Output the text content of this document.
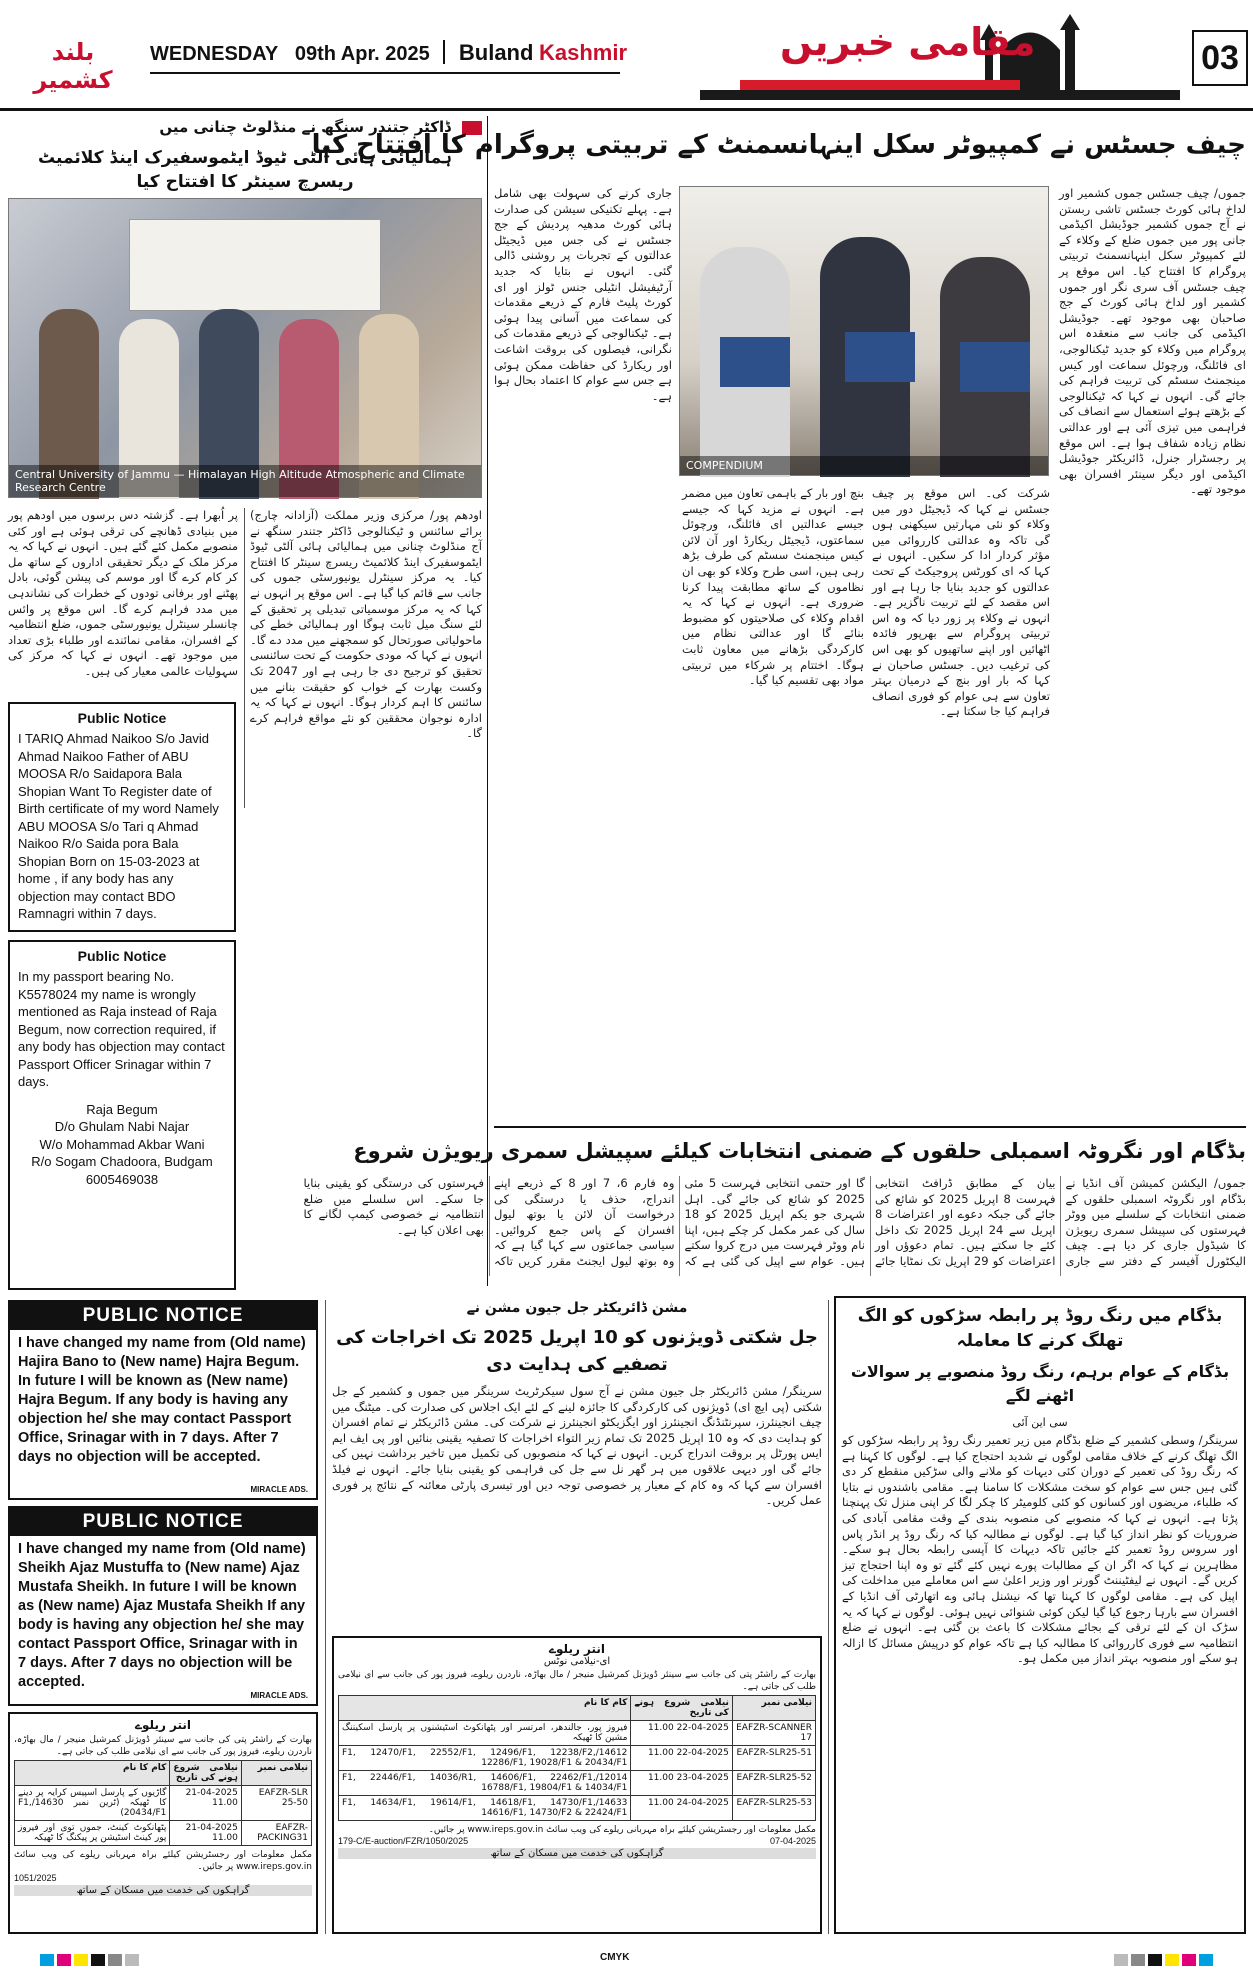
بلند کشمیر
WEDNESDAY 09th Apr. 2025 Buland Kashmir	مقامی خبریں	03
ڈاکٹر جتندر سنگھ نے منڈلوٹ چنانی میں
ہمالیائی ہائی آلٹی ٹیوڈ ایٹموسفیرک اینڈ کلائمیٹ ریسرچ سینٹر کا افتتاح کیا
Central University of Jammu — Himalayan High Altitude Atmospheric and Climate Research Centre
اودھم پور/ مرکزی وزیر مملکت (آزادانہ چارج) برائے سائنس و ٹیکنالوجی ڈاکٹر جتندر سنگھ نے آج منڈلوٹ چنانی میں ہمالیائی ہائی آلٹی ٹیوڈ ایٹموسفیرک اینڈ کلائمیٹ ریسرچ سینٹر کا افتتاح کیا۔ یہ مرکز سینٹرل یونیورسٹی جموں کی جانب سے قائم کیا گیا ہے۔ اس موقع پر انہوں نے کہا کہ یہ مرکز موسمیاتی تبدیلی پر تحقیق کے لئے سنگ میل ثابت ہوگا اور ہمالیائی خطے کی ماحولیاتی صورتحال کو سمجھنے میں مدد دے گا۔ انہوں نے کہا کہ مودی حکومت کے تحت سائنسی تحقیق کو ترجیح دی جا رہی ہے اور 2047 تک وکست بھارت کے خواب کو حقیقت بنانے میں سائنس کا اہم کردار ہوگا۔ انہوں نے کہا کہ یہ ادارہ نوجوان محققین کو نئے مواقع فراہم کرے گا۔
پر اُبھرا ہے۔ گزشتہ دس برسوں میں اودھم پور میں بنیادی ڈھانچے کی ترقی ہوئی ہے اور کئی منصوبے مکمل کئے گئے ہیں۔ انہوں نے کہا کہ یہ مرکز ملک کے دیگر تحقیقی اداروں کے ساتھ مل کر کام کرے گا اور موسم کی پیشن گوئی، بادل پھٹنے اور برفانی تودوں کے خطرات کی نشاندہی میں مدد فراہم کرے گا۔ اس موقع پر وائس چانسلر سینٹرل یونیورسٹی جموں، ضلع انتظامیہ کے افسران، مقامی نمائندے اور طلباء بڑی تعداد میں موجود تھے۔ انہوں نے کہا کہ مرکز کی سہولیات عالمی معیار کی ہیں۔
Public Notice
I TARIQ Ahmad Naikoo S/o Javid Ahmad Naikoo Father of ABU MOOSA R/o Saidapora Bala Shopian Want To Register date of Birth certificate of my word Namely ABU MOOSA S/o Tari q Ahmad Naikoo R/o Saida pora Bala Shopian Born on 15-03-2023 at home , if any body has any objection may contact BDO Ramnagri within 7 days.
Public Notice
In my passport bearing No. K5578024 my name is wrongly mentioned as Raja instead of Raja Begum, now correction required, if any body has objection may contact Passport Officer Srinagar within 7 days.
Raja Begum
D/o Ghulam Nabi Najar
W/o Mohammad Akbar Wani
R/o Sogam Chadoora, Budgam
6005469038
چیف جسٹس نے کمپیوٹر سکل اینہانسمنٹ کے تربیتی پروگرام کا افتتاح کیا
COMPENDIUM
جموں/ چیف جسٹس جموں کشمیر اور لداخ ہائی کورٹ جسٹس تاشی ربستن نے آج جموں کشمیر جوڈیشل اکیڈمی جانی پور میں جموں ضلع کے وکلاء کے لئے کمپیوٹر سکل اینہانسمنٹ تربیتی پروگرام کا افتتاح کیا۔ اس موقع پر چیف جسٹس آف سری نگر اور جموں کشمیر اور لداخ ہائی کورٹ کے جج صاحبان بھی موجود تھے۔ جوڈیشل اکیڈمی کی جانب سے منعقدہ اس پروگرام میں وکلاء کو جدید ٹیکنالوجی، ای فائلنگ، ورچوئل سماعت اور کیس مینجمنٹ سسٹم کی تربیت فراہم کی جائے گی۔ انہوں نے کہا کہ ٹیکنالوجی کے بڑھتے ہوئے استعمال سے انصاف کی فراہمی میں تیزی آئی ہے اور عدالتی نظام زیادہ شفاف ہوا ہے۔ اس موقع پر رجسٹرار جنرل، ڈائریکٹر جوڈیشل اکیڈمی اور دیگر سینئر افسران بھی موجود تھے۔
جاری کرنے کی سہولت بھی شامل ہے۔ پہلے تکنیکی سیشن کی صدارت ہائی کورٹ مدھیہ پردیش کے جج جسٹس نے کی جس میں ڈیجیٹل عدالتوں کے تجربات پر روشنی ڈالی گئی۔ انہوں نے بتایا کہ جدید آرٹیفیشل انٹیلی جنس ٹولز اور ای کورٹ پلیٹ فارم کے ذریعے مقدمات کی سماعت میں آسانی پیدا ہوئی ہے۔ ٹیکنالوجی کے ذریعے مقدمات کی نگرانی، فیصلوں کی بروقت اشاعت اور ریکارڈ کی حفاظت ممکن ہوئی ہے جس سے عوام کا اعتماد بحال ہوا ہے۔
شرکت کی۔ اس موقع پر چیف جسٹس نے کہا کہ ڈیجیٹل دور میں وکلاء کو نئی مہارتیں سیکھنی ہوں گی تاکہ وہ عدالتی کارروائی میں مؤثر کردار ادا کر سکیں۔ انہوں نے کہا کہ ای کورٹس پروجیکٹ کے تحت عدالتوں کو جدید بنایا جا رہا ہے اور اس مقصد کے لئے تربیت ناگزیر ہے۔ انہوں نے وکلاء پر زور دیا کہ وہ اس تربیتی پروگرام سے بھرپور فائدہ اٹھائیں اور اپنے ساتھیوں کو بھی اس کی ترغیب دیں۔ جسٹس صاحبان نے کہا کہ بار اور بنچ کے درمیان بہتر تعاون سے ہی عوام کو فوری انصاف فراہم کیا جا سکتا ہے۔
بنچ اور بار کے باہمی تعاون میں مضمر ہے۔ انہوں نے مزید کہا کہ جیسے جیسے عدالتیں ای فائلنگ، ورچوئل سماعتوں، ڈیجیٹل ریکارڈ اور آن لائن کیس مینجمنٹ سسٹم کی طرف بڑھ رہی ہیں، اسی طرح وکلاء کو بھی ان نظاموں کے ساتھ مطابقت پیدا کرنا ضروری ہے۔ انہوں نے کہا کہ یہ اقدام وکلاء کی صلاحیتوں کو مضبوط بنائے گا اور عدالتی نظام میں کارکردگی بڑھانے میں معاون ثابت ہوگا۔ اختتام پر شرکاء میں تربیتی مواد بھی تقسیم کیا گیا۔
بڈگام اور نگروٹہ اسمبلی حلقوں کے ضمنی انتخابات کیلئے سپیشل سمری ریویژن شروع
جموں/ الیکشن کمیشن آف انڈیا نے بڈگام اور نگروٹہ اسمبلی حلقوں کے ضمنی انتخابات کے سلسلے میں ووٹر فہرستوں کی سپیشل سمری ریویژن کا شیڈول جاری کر دیا ہے۔ چیف الیکٹورل آفیسر کے دفتر سے جاری بیان کے مطابق ڈرافٹ انتخابی فہرست 8 اپریل 2025 کو شائع کی جائے گی جبکہ دعوے اور اعتراضات 8 اپریل سے 24 اپریل 2025 تک داخل کئے جا سکتے ہیں۔ تمام دعوؤں اور اعتراضات کو 29 اپریل تک نمٹایا جائے گا اور حتمی انتخابی فہرست 5 مئی 2025 کو شائع کی جائے گی۔ اہل شہری جو یکم اپریل 2025 کو 18 سال کی عمر مکمل کر چکے ہیں، اپنا نام ووٹر فہرست میں درج کروا سکتے ہیں۔ عوام سے اپیل کی گئی ہے کہ وہ فارم 6، 7 اور 8 کے ذریعے اپنے اندراج، حذف یا درستگی کی درخواست آن لائن یا بوتھ لیول افسران کے پاس جمع کروائیں۔ سیاسی جماعتوں سے کہا گیا ہے کہ وہ بوتھ لیول ایجنٹ مقرر کریں تاکہ فہرستوں کی درستگی کو یقینی بنایا جا سکے۔ اس سلسلے میں ضلع انتظامیہ نے خصوصی کیمپ لگانے کا بھی اعلان کیا ہے۔
PUBLIC NOTICE
I have changed my name from (Old name) Hajira Bano to (New name) Hajra Begum. In future I will be known as (New name) Hajra Begum. If any body is having any objection he/ she may contact Passport Office, Srinagar with in 7 days. After 7 days no objection will be accepted.
MIRACLE ADS.
PUBLIC NOTICE
I have changed my name from (Old name) Sheikh Ajaz Mustuffa to (New name) Ajaz Mustafa Sheikh. In future I will be known as (New name) Ajaz Mustafa Sheikh If any body is having any objection he/ she may contact Passport Office, Srinagar with in 7 days. After 7 days no objection will be accepted.
MIRACLE ADS.
انتر ریلوے
بھارت کے راشٹر پتی کی جانب سے سینئر ڈویژنل کمرشیل منیجر / مال بھاڑہ، ناردرن ریلوے، فیروز پور کی جانب سے ای نیلامی طلب کی جاتی ہے۔
نیلامی نمبر	نیلامی شروع ہونے کی تاریخ	کام کا نام
EAFZR-SLR 25-50	21-04-2025 11.00	گاڑیوں کے پارسل اسپیس کرایہ پر دینے کا ٹھیکہ (ٹرین نمبر 14630/F1, 20434/F1)
EAFZR-PACKING31	21-04-2025 11.00	پٹھانکوٹ کینٹ، جموں توی اور فیروز پور کینٹ اسٹیشن پر پیکنگ کا ٹھیکہ
مکمل معلومات اور رجسٹریشن کیلئے براہ مہربانی ریلوے کی ویب سائٹ www.ireps.gov.in پر جائیں۔
1051/2025
گراہکوں کی خدمت میں مسکان کے ساتھ
مشن ڈائریکٹر جل جیون مشن نے
جل شکتی ڈویژنوں کو 10 اپریل 2025 تک اخراجات کی تصفیے کی ہدایت دی
سرینگر/ مشن ڈائریکٹر جل جیون مشن نے آج سول سیکرٹریٹ سرینگر میں جموں و کشمیر کے جل شکتی (پی ایچ ای) ڈویژنوں کی کارکردگی کا جائزہ لینے کے لئے ایک اجلاس کی صدارت کی۔ میٹنگ میں چیف انجینئرز، سپرنٹنڈنگ انجینئرز اور ایگزیکٹو انجینئرز نے شرکت کی۔ مشن ڈائریکٹر نے تمام افسران کو ہدایت دی کہ وہ 10 اپریل 2025 تک تمام زیر التواء اخراجات کا تصفیہ یقینی بنائیں اور پی ایف ایم ایس پورٹل پر بروقت اندراج کریں۔ انہوں نے کہا کہ منصوبوں کی تکمیل میں تاخیر برداشت نہیں کی جائے گی اور دیہی علاقوں میں ہر گھر نل سے جل کی فراہمی کو یقینی بنایا جائے۔ انہوں نے فیلڈ افسران سے کہا کہ وہ کام کے معیار پر خصوصی توجہ دیں اور تیسری پارٹی معائنہ کے نتائج پر فوری عمل کریں۔
انتر ریلوے
ای-نیلامی نوٹس
بھارت کے راشٹر پتی کی جانب سے سینئر ڈویژنل کمرشیل منیجر / مال بھاڑہ، ناردرن ریلوے، فیروز پور کی جانب سے ای نیلامی طلب کی جاتی ہے۔
نیلامی نمبر	نیلامی شروع ہونے کی تاریخ	کام کا نام
EAFZR-SCANNER 17	22-04-2025 11.00	فیروز پور، جالندھر، امرتسر اور پٹھانکوٹ اسٹیشنوں پر پارسل اسکیننگ مشین کا ٹھیکہ
EAFZR-SLR25-51	22-04-2025 11.00	14612/F1, 12470/F1, 22552/F1, 12496/F1, 12238/F2, 12286/F1, 19028/F1 & 20434/F1
EAFZR-SLR25-52	23-04-2025 11.00	12014/F1, 22446/F1, 14036/R1, 14606/F1, 22462/F1, 16788/F1, 19804/F1 & 14034/F1
EAFZR-SLR25-53	24-04-2025 11.00	14633/F1, 14634/F1, 19614/F1, 14618/F1, 14730/F1, 14616/F1, 14730/F2 & 22424/F1
مکمل معلومات اور رجسٹریشن کیلئے براہ مہربانی ریلوے کی ویب سائٹ www.ireps.gov.in پر جائیں۔
179-C/E-auction/FZR/1050/2025	07-04-2025
گراہکوں کی خدمت میں مسکان کے ساتھ
بڈگام میں رنگ روڈ پر رابطہ سڑکوں کو الگ تھلگ کرنے کا معاملہ
بڈگام کے عوام برہم، رنگ روڈ منصوبے پر سوالات اٹھنے لگے
سی این آئی
سرینگر/ وسطی کشمیر کے ضلع بڈگام میں زیر تعمیر رنگ روڈ پر رابطہ سڑکوں کو الگ تھلگ کرنے کے خلاف مقامی لوگوں نے شدید احتجاج کیا ہے۔ لوگوں کا کہنا ہے کہ رنگ روڈ کی تعمیر کے دوران کئی دیہات کو ملانے والی سڑکیں منقطع کر دی گئی ہیں جس سے عوام کو سخت مشکلات کا سامنا ہے۔ مقامی باشندوں نے بتایا کہ طلباء، مریضوں اور کسانوں کو کئی کلومیٹر کا چکر لگا کر اپنی منزل تک پہنچنا پڑتا ہے۔ انہوں نے کہا کہ منصوبے کی منصوبہ بندی کے وقت مقامی آبادی کی ضروریات کو نظر انداز کیا گیا ہے۔ لوگوں نے مطالبہ کیا کہ رنگ روڈ پر انڈر پاس اور سروس روڈ تعمیر کئے جائیں تاکہ دیہات کا آپسی رابطہ بحال ہو سکے۔ مظاہرین نے کہا کہ اگر ان کے مطالبات پورے نہیں کئے گئے تو وہ اپنا احتجاج تیز کریں گے۔ انہوں نے لیفٹیننٹ گورنر اور وزیر اعلیٰ سے اس معاملے میں مداخلت کی اپیل کی ہے۔ مقامی لوگوں کا کہنا تھا کہ نیشنل ہائی وے اتھارٹی آف انڈیا کے افسران سے بارہا رجوع کیا گیا لیکن کوئی شنوائی نہیں ہوئی۔ لوگوں نے کہا کہ یہ سڑک ان کے لئے ترقی کے بجائے مشکلات کا باعث بن گئی ہے۔ انہوں نے ضلع انتظامیہ سے فوری کارروائی کا مطالبہ کیا ہے تاکہ عوام کو درپیش مسائل کا ازالہ ہو سکے اور منصوبہ بہتر انداز میں مکمل ہو۔
CMYK
